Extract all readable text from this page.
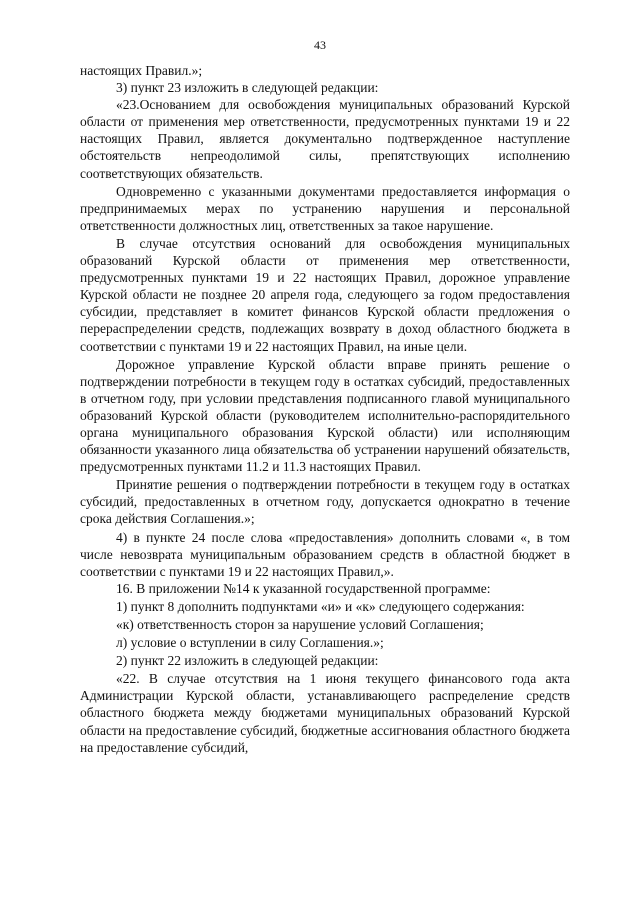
43

настоящих Правил.»;

3) пункт 23 изложить в следующей редакции:

«23.Основанием для освобождения муниципальных образований Курской области от применения мер ответственности, предусмотренных пунктами 19 и 22 настоящих Правил, является документально подтвержденное наступление обстоятельств непреодолимой силы, препятствующих исполнению соответствующих обязательств.

Одновременно с указанными документами предоставляется информация о предпринимаемых мерах по устранению нарушения и персональной ответственности должностных лиц, ответственных за такое нарушение.

В случае отсутствия оснований для освобождения муниципальных образований Курской области от применения мер ответственности, предусмотренных пунктами 19 и 22 настоящих Правил, дорожное управление Курской области не позднее 20 апреля года, следующего за годом предоставления субсидии, представляет в комитет финансов Курской области предложения о перераспределении средств, подлежащих возврату в доход областного бюджета в соответствии с пунктами 19 и 22 настоящих Правил, на иные цели.

Дорожное управление Курской области вправе принять решение о подтверждении потребности в текущем году в остатках субсидий, предоставленных в отчетном году, при условии представления подписанного главой муниципального образований Курской области (руководителем исполнительно-распорядительного органа муниципального образования Курской области) или исполняющим обязанности указанного лица обязательства об устранении нарушений обязательств, предусмотренных пунктами 11.2 и 11.3 настоящих Правил.

Принятие решения о подтверждении потребности в текущем году в остатках субсидий, предоставленных в отчетном году, допускается однократно в течение срока действия Соглашения.»;

4) в пункте 24 после слова «предоставления» дополнить словами «, в том числе невозврата муниципальным образованием средств в областной бюджет в соответствии с пунктами 19 и 22 настоящих Правил,».

16. В приложении №14 к указанной государственной программе:

1) пункт 8 дополнить подпунктами «и» и «к» следующего содержания:

«к) ответственность сторон за нарушение условий Соглашения;

л) условие о вступлении в силу Соглашения.»;

2) пункт 22 изложить в следующей редакции:

«22. В случае отсутствия на 1 июня текущего финансового года акта Администрации Курской области, устанавливающего распределение средств областного бюджета между бюджетами муниципальных образований Курской области на предоставление субсидий, бюджетные ассигнования областного бюджета на предоставление субсидий,
